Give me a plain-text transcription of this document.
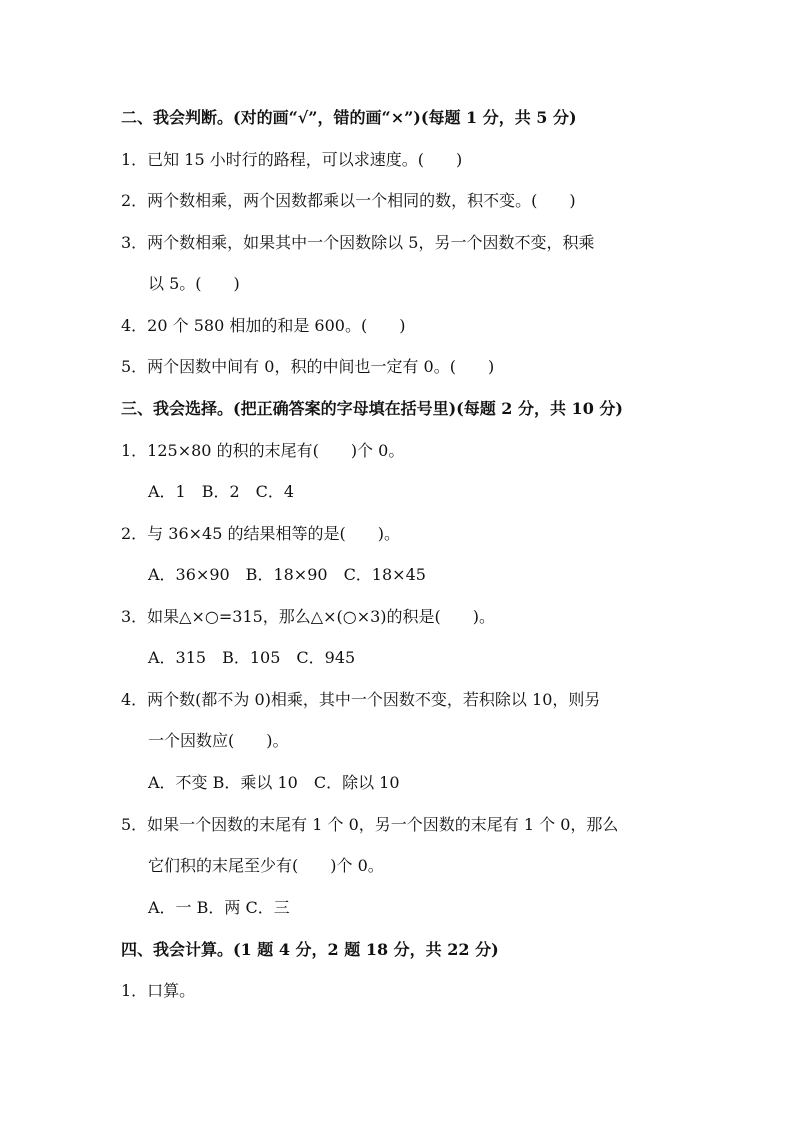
二、我会判断。(对的画“√”，错的画“×”)(每题 1 分，共 5 分)
1．已知 15 小时行的路程，可以求速度。(　　)
2．两个数相乘，两个因数都乘以一个相同的数，积不变。(　　)
3．两个数相乘，如果其中一个因数除以 5，另一个因数不变，积乘
以 5。(　　)
4．20 个 580 相加的和是 600。(　　)
5．两个因数中间有 0，积的中间也一定有 0。(　　)
三、我会选择。(把正确答案的字母填在括号里)(每题 2 分，共 10 分)
1．125×80 的积的末尾有(　　)个 0。
A．1　B．2　C．4
2．与 36×45 的结果相等的是(　　)。
A．36×90　B．18×90　C．18×45
3．如果△×○=315，那么△×(○×3)的积是(　　)。
A．315　B．105　C．945
4．两个数(都不为 0)相乘，其中一个因数不变，若积除以 10，则另
一个因数应(　　)。
A．不变 B．乘以 10　C．除以 10
5．如果一个因数的末尾有 1 个 0，另一个因数的末尾有 1 个 0，那么
它们积的末尾至少有(　　)个 0。
A．一 B．两 C．三
四、我会计算。(1 题 4 分，2 题 18 分，共 22 分)
1．口算。
